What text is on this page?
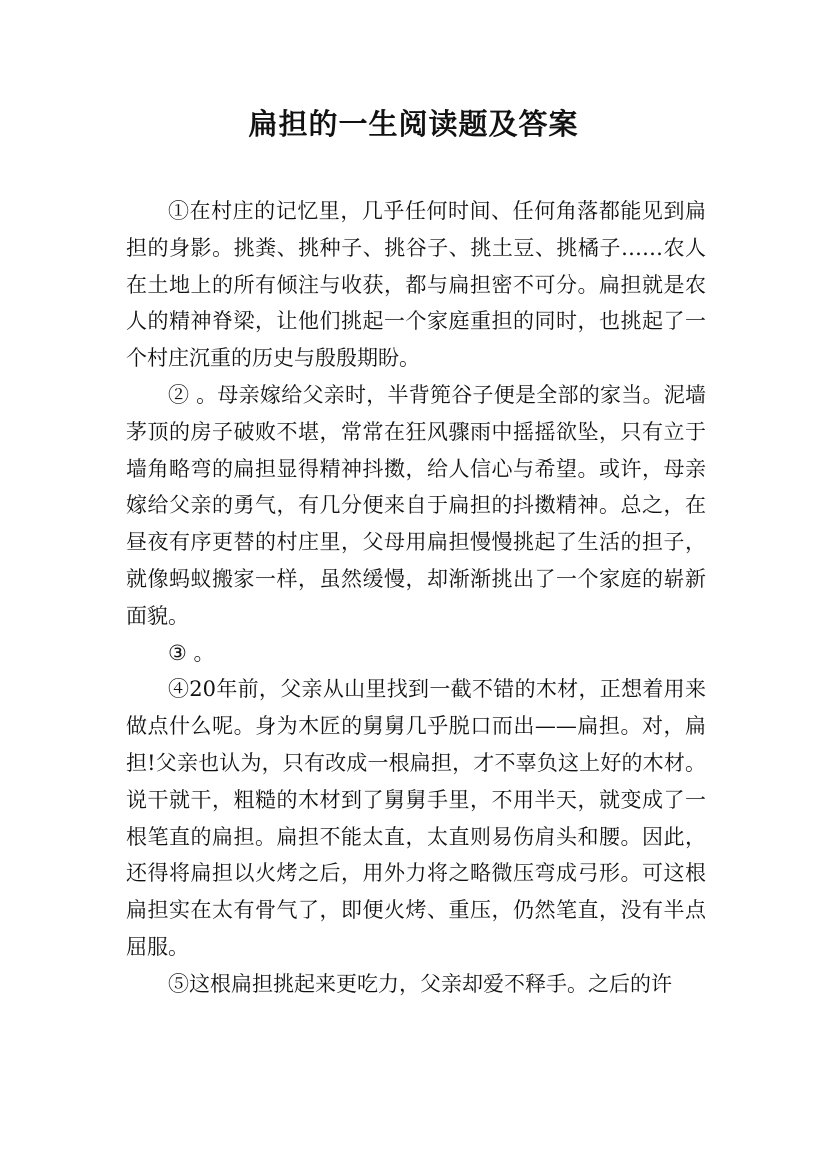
扁担的一生阅读题及答案

①在村庄的记忆里，几乎任何时间、任何角落都能见到扁担的身影。挑粪、挑种子、挑谷子、挑土豆、挑橘子……农人在土地上的所有倾注与收获，都与扁担密不可分。扁担就是农人的精神脊梁，让他们挑起一个家庭重担的同时，也挑起了一个村庄沉重的历史与殷殷期盼。

② 。母亲嫁给父亲时，半背篼谷子便是全部的家当。泥墙茅顶的房子破败不堪，常常在狂风骤雨中摇摇欲坠，只有立于墙角略弯的扁担显得精神抖擞，给人信心与希望。或许，母亲嫁给父亲的勇气，有几分便来自于扁担的抖擞精神。总之，在昼夜有序更替的村庄里，父母用扁担慢慢挑起了生活的担子，就像蚂蚁搬家一样，虽然缓慢，却渐渐挑出了一个家庭的崭新面貌。

③ 。

④20年前，父亲从山里找到一截不错的木材，正想着用来做点什么呢。身为木匠的舅舅几乎脱口而出——扁担。对，扁担!父亲也认为，只有改成一根扁担，才不辜负这上好的木材。说干就干，粗糙的木材到了舅舅手里，不用半天，就变成了一根笔直的扁担。扁担不能太直，太直则易伤肩头和腰。因此，还得将扁担以火烤之后，用外力将之略微压弯成弓形。可这根扁担实在太有骨气了，即便火烤、重压，仍然笔直，没有半点屈服。

⑤这根扁担挑起来更吃力，父亲却爱不释手。之后的许
